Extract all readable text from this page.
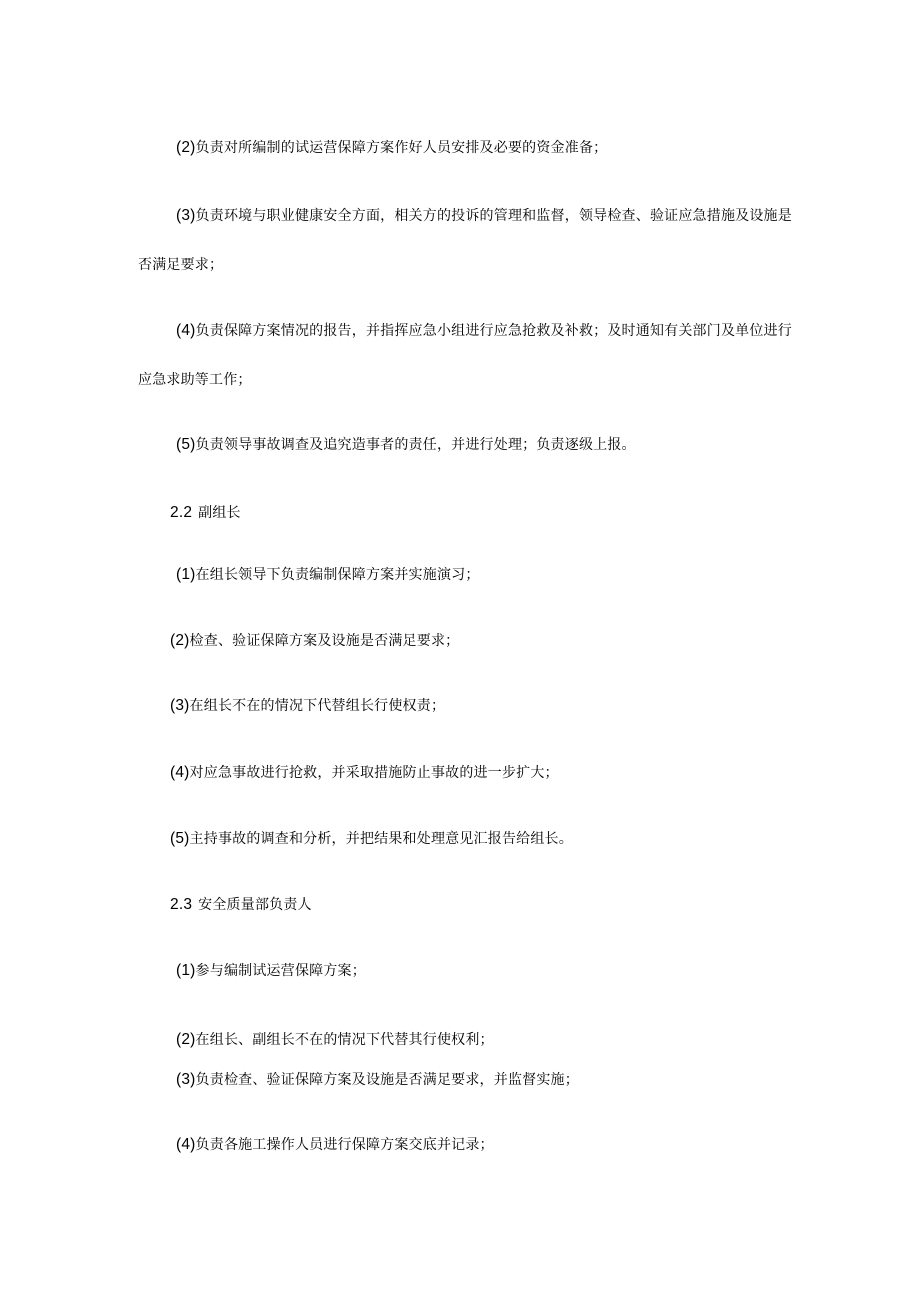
(2)负责对所编制的试运营保障方案作好人员安排及必要的资金准备；
(3)负责环境与职业健康安全方面，相关方的投诉的管理和监督，领导检查、验证应急措施及设施是
否满足要求；
(4)负责保障方案情况的报告，并指挥应急小组进行应急抢救及补救；及时通知有关部门及单位进行
应急求助等工作；
(5)负责领导事故调查及追究造事者的责任，并进行处理；负责逐级上报。
2.2 副组长
(1)在组长领导下负责编制保障方案并实施演习；
(2)检查、验证保障方案及设施是否满足要求；
(3)在组长不在的情况下代替组长行使权责；
(4)对应急事故进行抢救，并采取措施防止事故的进一步扩大；
(5)主持事故的调查和分析，并把结果和处理意见汇报告给组长。
2.3 安全质量部负责人
(1)参与编制试运营保障方案；
(2)在组长、副组长不在的情况下代替其行使权利；
(3)负责检查、验证保障方案及设施是否满足要求，并监督实施；
(4)负责各施工操作人员进行保障方案交底并记录；
